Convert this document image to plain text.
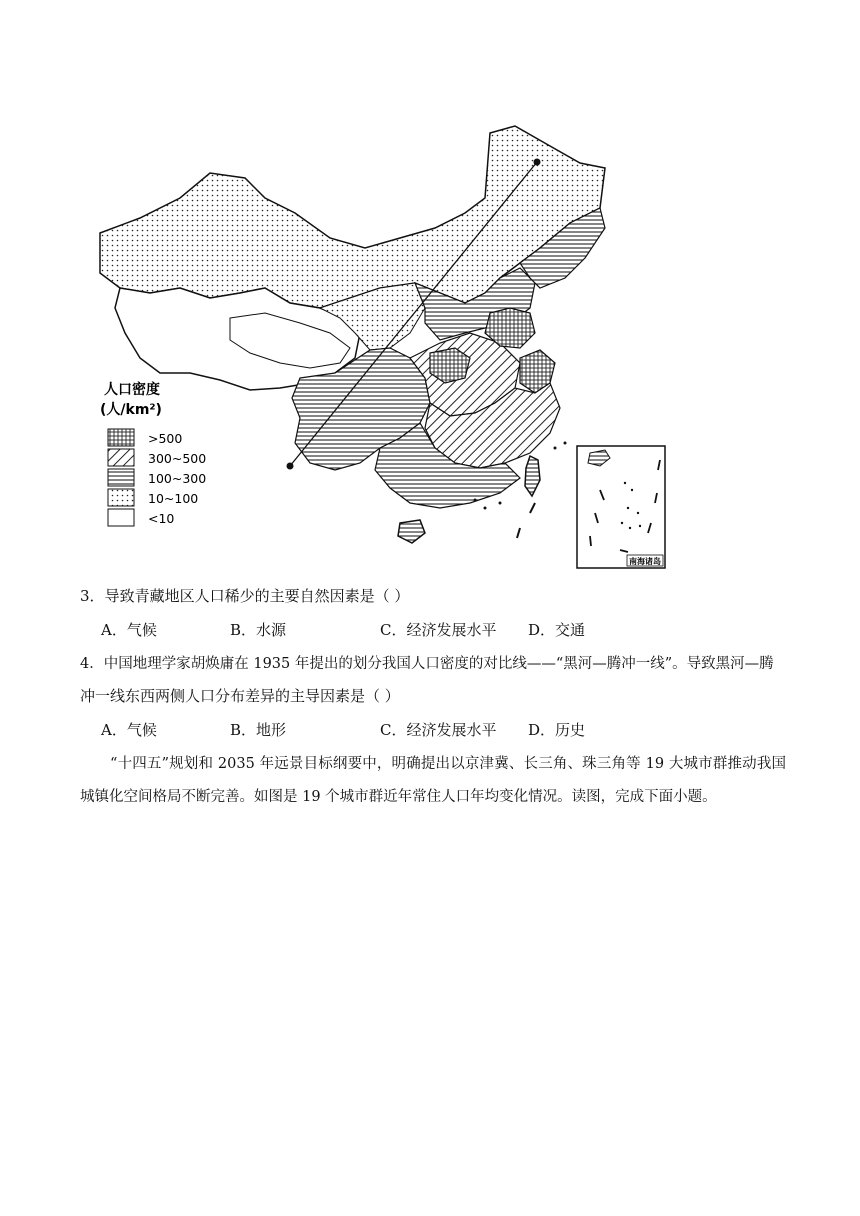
人口密度
(人/km²)
>500
300~500
100~300
10~100
<10
南海诸岛
3．导致青藏地区人口稀少的主要自然因素是（ ）
A．气候	B．水源	C．经济发展水平 D．交通
4．中国地理学家胡焕庸在 1935 年提出的划分我国人口密度的对比线——“黑河—腾冲一线”。导致黑河—腾
冲一线东西两侧人口分布差异的主导因素是（ ）
A．气候	B．地形	C．经济发展水平 D．历史
“十四五”规划和 2035 年远景目标纲要中，明确提出以京津冀、长三角、珠三角等 19 大城市群推动我国城镇化空间格局不断完善。如图是 19 个城市群近年常住人口年均变化情况。读图，完成下面小题。
